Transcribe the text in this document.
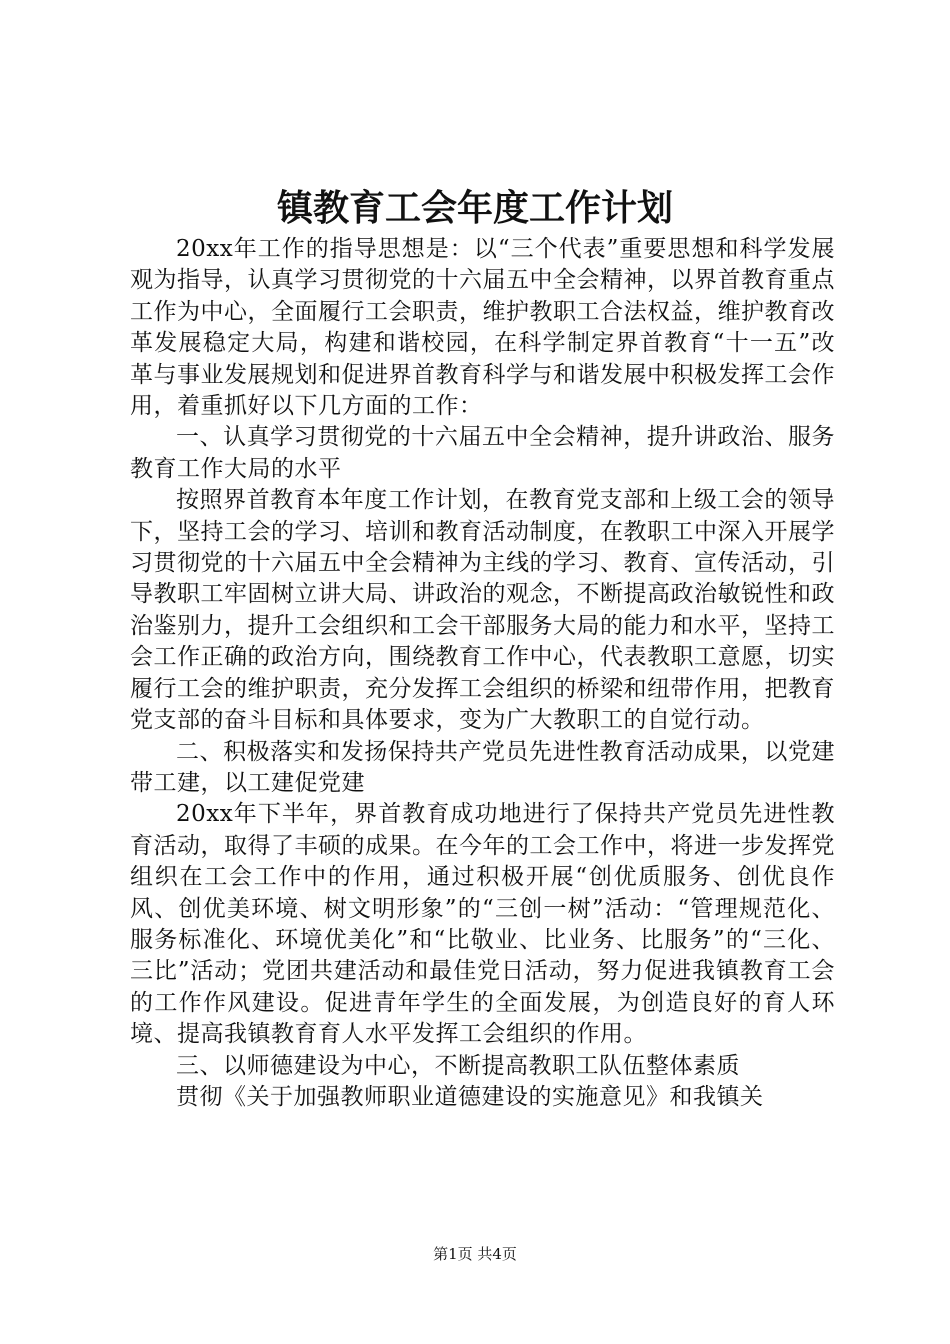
镇教育工会年度工作计划

20xx年工作的指导思想是：以“三个代表”重要思想和科学发展观为指导，认真学习贯彻党的十六届五中全会精神，以界首教育重点工作为中心，全面履行工会职责，维护教职工合法权益，维护教育改革发展稳定大局，构建和谐校园，在科学制定界首教育“十一五”改革与事业发展规划和促进界首教育科学与和谐发展中积极发挥工会作用，着重抓好以下几方面的工作：

一、认真学习贯彻党的十六届五中全会精神，提升讲政治、服务教育工作大局的水平

按照界首教育本年度工作计划，在教育党支部和上级工会的领导下，坚持工会的学习、培训和教育活动制度，在教职工中深入开展学习贯彻党的十六届五中全会精神为主线的学习、教育、宣传活动，引导教职工牢固树立讲大局、讲政治的观念，不断提高政治敏锐性和政治鉴别力，提升工会组织和工会干部服务大局的能力和水平，坚持工会工作正确的政治方向，围绕教育工作中心，代表教职工意愿，切实履行工会的维护职责，充分发挥工会组织的桥梁和纽带作用，把教育党支部的奋斗目标和具体要求，变为广大教职工的自觉行动。

二、积极落实和发扬保持共产党员先进性教育活动成果，以党建带工建，以工建促党建

20xx年下半年，界首教育成功地进行了保持共产党员先进性教育活动，取得了丰硕的成果。在今年的工会工作中，将进一步发挥党组织在工会工作中的作用，通过积极开展“创优质服务、创优良作风、创优美环境、树文明形象”的“三创一树”活动：“管理规范化、服务标准化、环境优美化”和“比敬业、比业务、比服务”的“三化、三比”活动；党团共建活动和最佳党日活动，努力促进我镇教育工会的工作作风建设。促进青年学生的全面发展，为创造良好的育人环境、提高我镇教育育人水平发挥工会组织的作用。

三、以师德建设为中心，不断提高教职工队伍整体素质

贯彻《关于加强教师职业道德建设的实施意见》和我镇关

第1页 共4页
